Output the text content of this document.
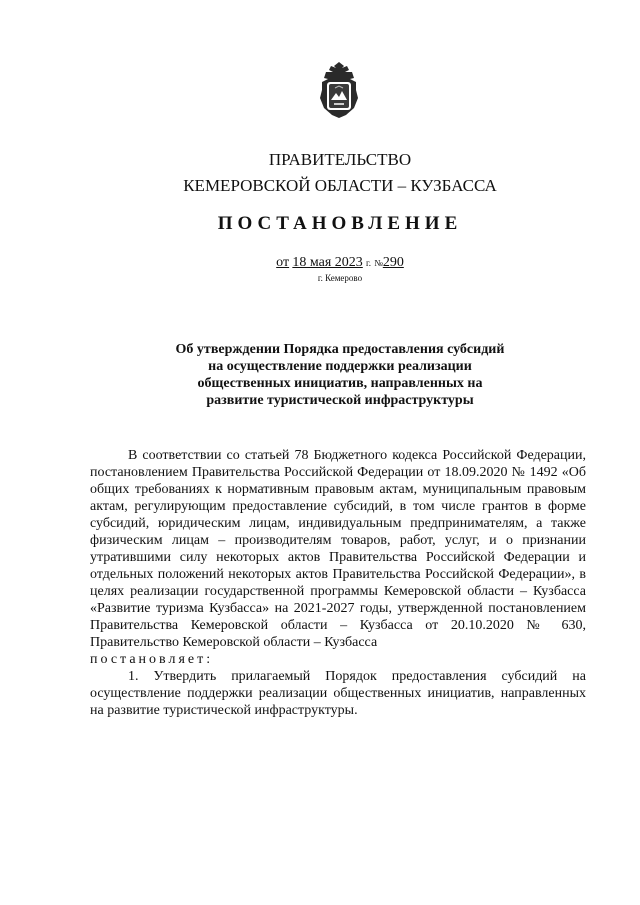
ПРАВИТЕЛЬСТВО
КЕМЕРОВСКОЙ ОБЛАСТИ – КУЗБАССА
ПОСТАНОВЛЕНИЕ
от 18 мая 2023 г. №290
г. Кемерово
Об утверждении Порядка предоставления субсидий
на осуществление поддержки реализации
общественных инициатив, направленных на
развитие туристической инфраструктуры

В соответствии со статьей 78 Бюджетного кодекса Российской Федерации, постановлением Правительства Российской Федерации от 18.09.2020 № 1492 «Об общих требованиях к нормативным правовым актам, муниципальным правовым актам, регулирующим предоставление субсидий, в том числе грантов в форме субсидий, юридическим лицам, индивидуальным предпринимателям, а также физическим лицам – производителям товаров, работ, услуг, и о признании утратившими силу некоторых актов Правительства Российской Федерации и отдельных положений некоторых актов Правительства Российской Федерации», в целях реализации государственной программы Кемеровской области – Кузбасса «Развитие туризма Кузбасса» на 2021-2027 годы, утвержденной постановлением Правительства Кемеровской области – Кузбасса от 20.10.2020 № 630, Правительство Кемеровской области – Кузбасса
постановляет:

1. Утвердить прилагаемый Порядок предоставления субсидий на осуществление поддержки реализации общественных инициатив, направленных на развитие туристической инфраструктуры.
